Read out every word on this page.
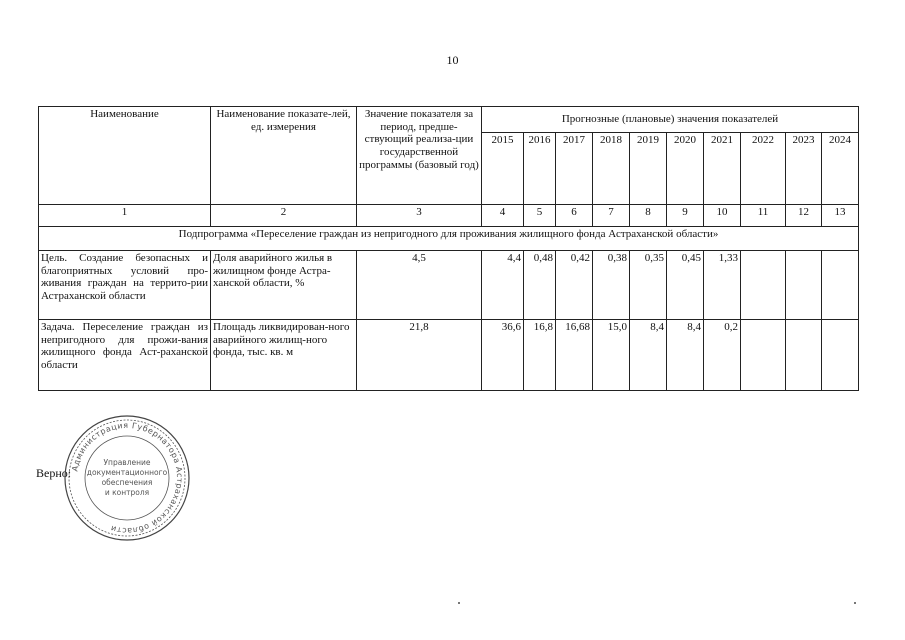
10
Наименование	Наименование показате-лей, ед. измерения	Значение показателя за период, предше-ствующий реализа-ции государственной программы (базовый год)	Прогнозные (плановые) значения показателей									
			2015	2016	2017	2018	2019	2020	2021	2022	2023	2024
1	2	3	4	5	6	7	8	9	10	11	12	13
Подпрограмма «Переселение граждан из непригодного для проживания жилищного фонда Астраханской области»												
Цель. Создание безопасных и благоприятных условий про-живания граждан на террито-рии Астраханской области	Доля аварийного жилья в жилищном фонде Астра-ханской области, %	4,5	4,4	0,48	0,42	0,38	0,35	0,45	1,33			
Задача. Переселение граждан из непригодного для прожи-вания жилищного фонда Аст-раханской области	Площадь ликвидирован-ного аварийного жилищ-ного фонда, тыс. кв. м	21,8	36,6	16,8	16,68	15,0	8,4	8,4	0,2			
Верно: Администрация Губернатора Астраханской области
Управление
документационного
обеспечения
и контроля
